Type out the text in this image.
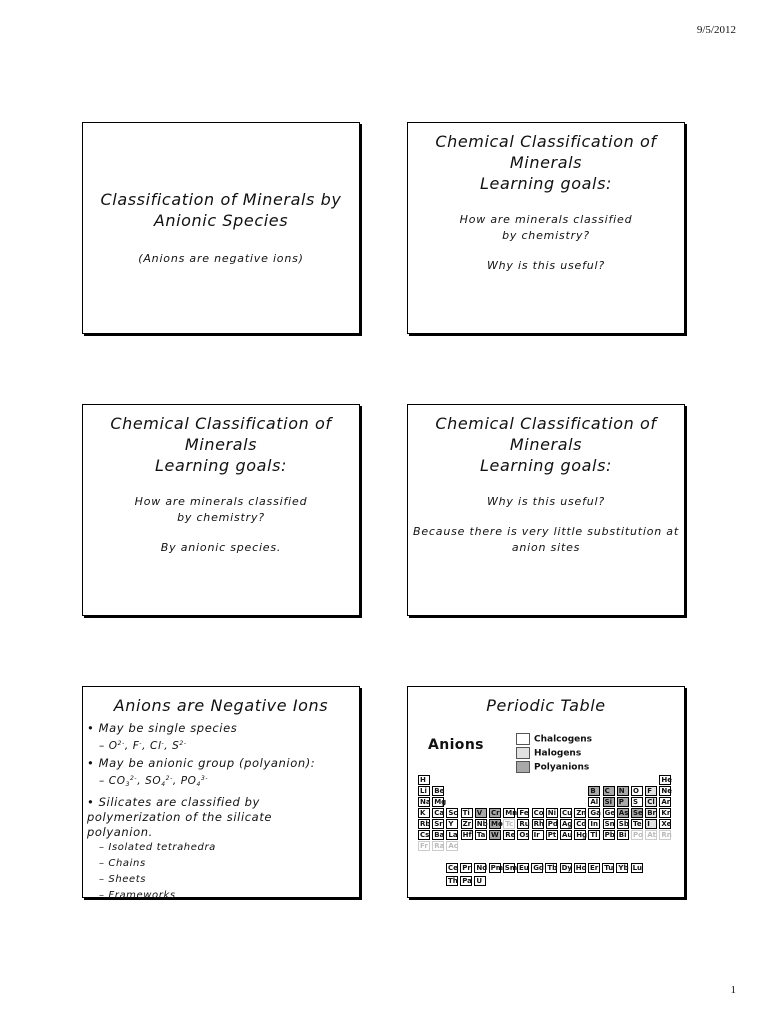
9/5/2012
Classification of Minerals by
Anionic Species
(Anions are negative ions)
Chemical Classification of
Minerals
Learning goals:
How are minerals classified by chemistry?
Why is this useful?
Chemical Classification of
Minerals
Learning goals:
How are minerals classified by chemistry?
By anionic species.
Chemical Classification of
Minerals
Learning goals:
Why is this useful?
Because there is very little substitution at anion sites
Anions are Negative Ions
• May be single species
– $O^{2-}$, F-, Cl-, $S^{2-}$
• May be anionic group (polyanion):
– $CO_3^{2-}$, $SO_4^{2-}$, $PO_4^{3-}$
• Silicates are classified by polymerization of the silicate polyanion.
– Isolated tetrahedra
– Chains
– Sheets
– Frameworks
Periodic Table
Anions	Chalcogens
Halogens
Polyanions
H	He
Li	Be	B	C	N	O	F	Ne
Na Mg	Al Si P	S	Cl Ar
K	Ca Sc Ti	V	Cr Mn Fe Co Ni Cu Zn Ga Ge As Se Br Kr
Rb Sr Y	Zr Nb Mo Tc Ru Rh Pd Ag Cd In Sn Sb Te I	Xe
Cs Ba La Hf Ta W Re Os Ir	Pt Au Hg Tl	Pb Bi Po At Rn
Fr Ra Ac
Ce Pr Nd Pm Sm Eu Gd Tb Dy Ho Er Tu Yb Lu
Th Pa U
1
